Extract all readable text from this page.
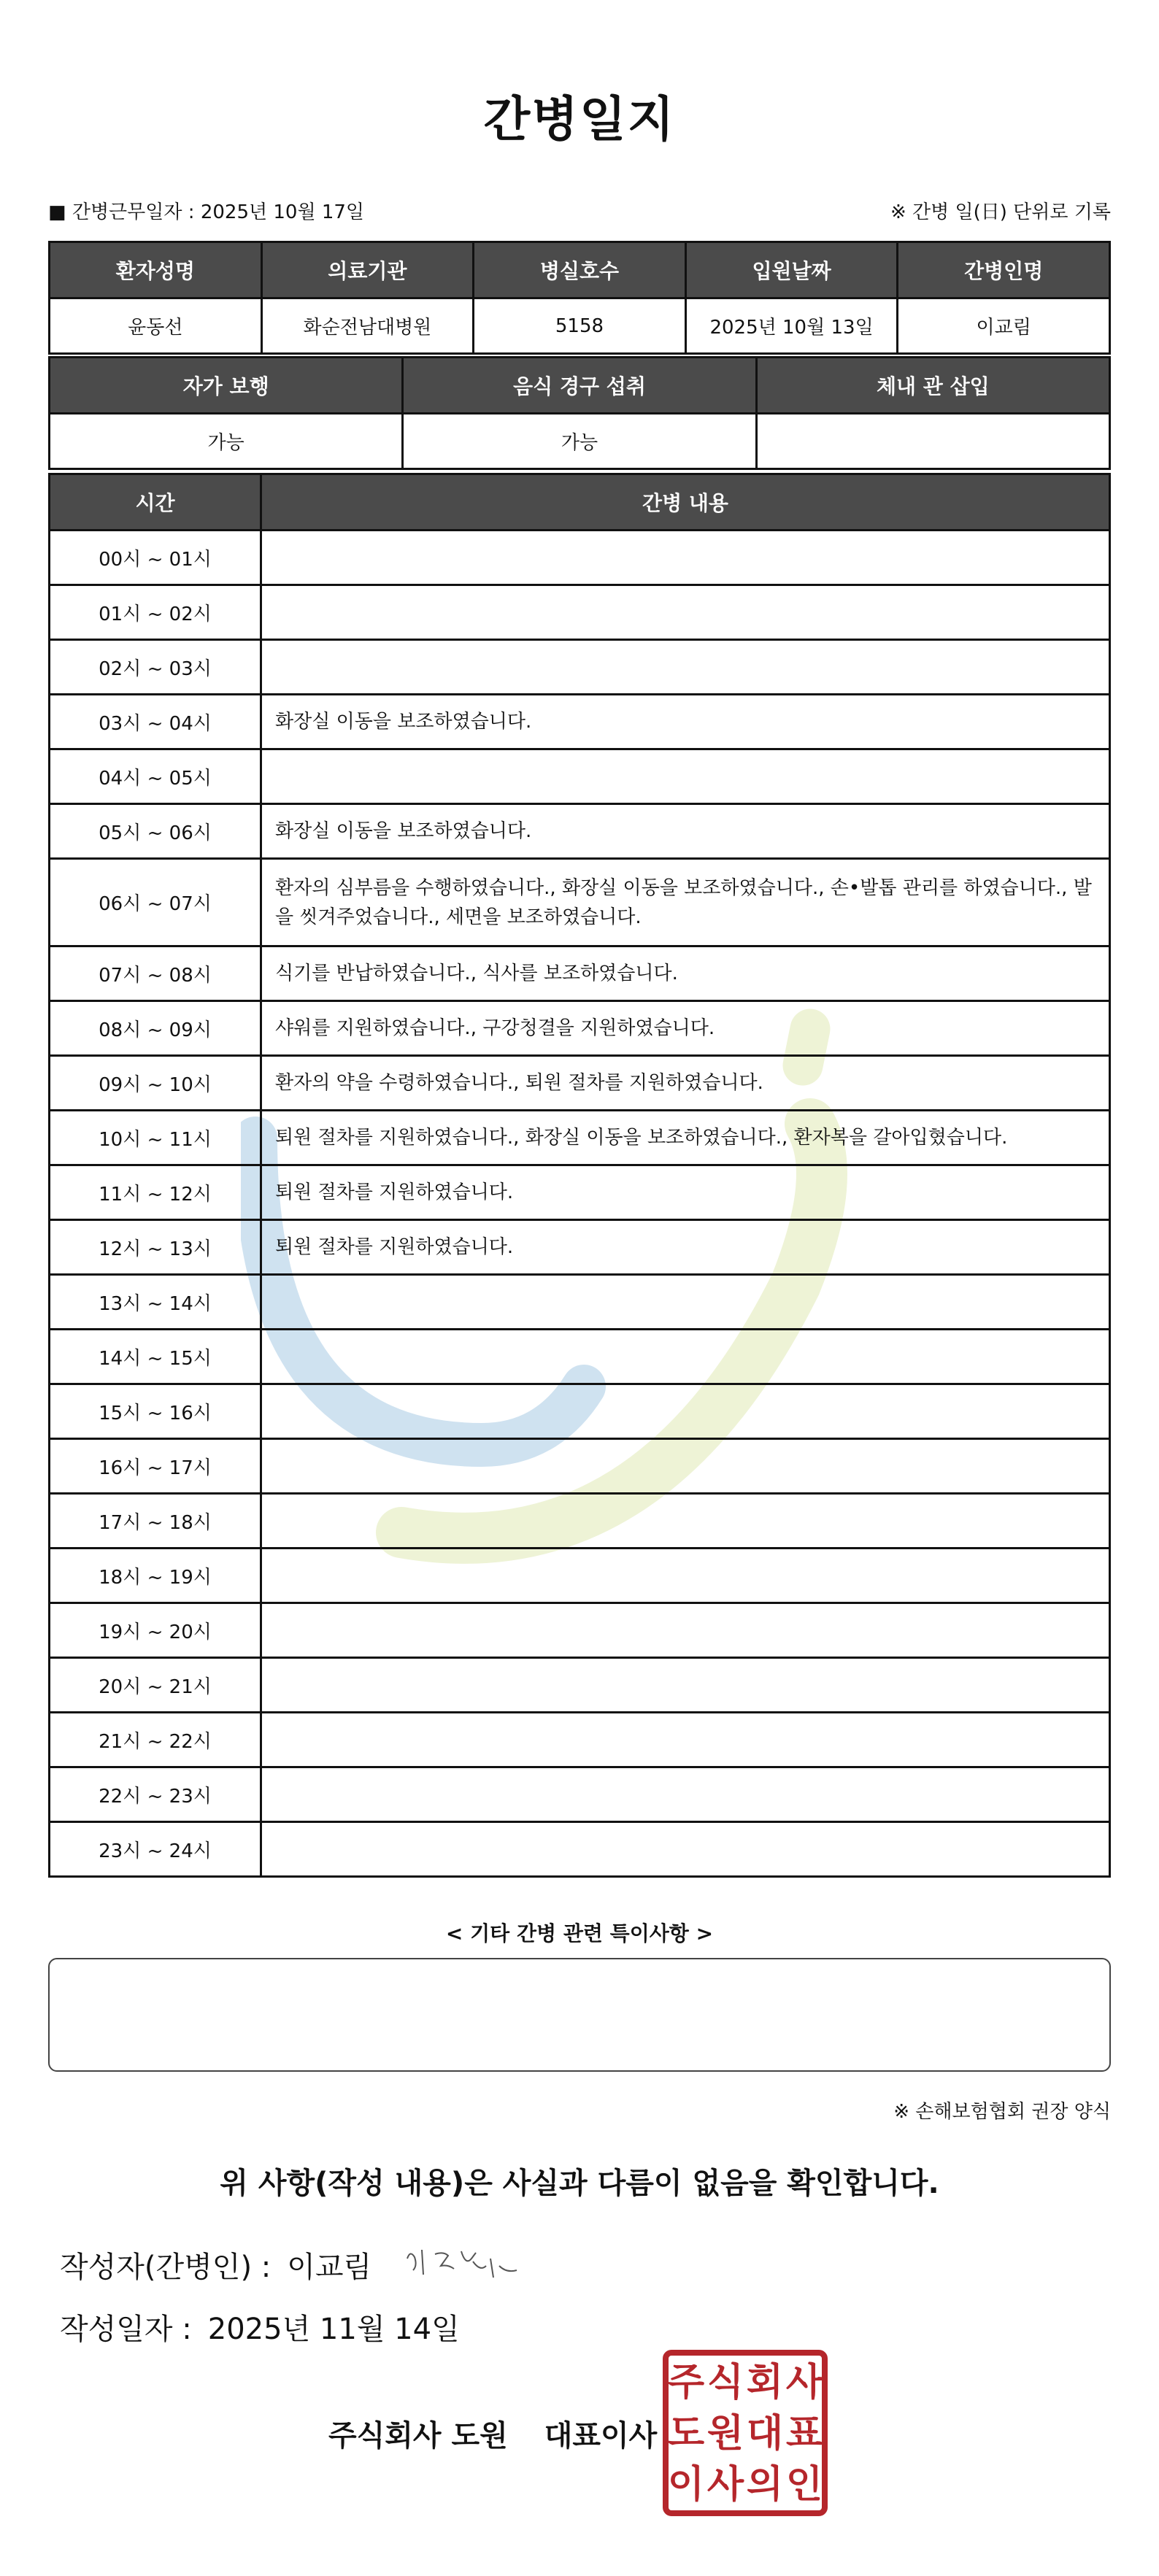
간병일지
■ 간병근무일자 : 2025년 10월 17일	※ 간병 일(日) 단위로 기록
환자성명	의료기관	병실호수	입원날짜	간병인명
윤동선	화순전남대병원	5158	2025년 10월 13일	이교림
자가 보행	음식 경구 섭취	체내 관 삽입
가능	가능	
시간	간병 내용
00시 ~ 01시	
01시 ~ 02시	
02시 ~ 03시	
03시 ~ 04시	화장실 이동을 보조하였습니다.
04시 ~ 05시	
05시 ~ 06시	화장실 이동을 보조하였습니다.
06시 ~ 07시	환자의 심부름을 수행하였습니다., 화장실 이동을 보조하였습니다., 손•발톱 관리를 하였습니다., 발을 씻겨주었습니다., 세면을 보조하였습니다.
07시 ~ 08시	식기를 반납하였습니다., 식사를 보조하였습니다.
08시 ~ 09시	샤워를 지원하였습니다., 구강청결을 지원하였습니다.
09시 ~ 10시	환자의 약을 수령하였습니다., 퇴원 절차를 지원하였습니다.
10시 ~ 11시	퇴원 절차를 지원하였습니다., 화장실 이동을 보조하였습니다., 환자복을 갈아입혔습니다.
11시 ~ 12시	퇴원 절차를 지원하였습니다.
12시 ~ 13시	퇴원 절차를 지원하였습니다.
13시 ~ 14시	
14시 ~ 15시	
15시 ~ 16시	
16시 ~ 17시	
17시 ~ 18시	
18시 ~ 19시	
19시 ~ 20시	
20시 ~ 21시	
21시 ~ 22시	
22시 ~ 23시	
23시 ~ 24시	
< 기타 간병 관련 특이사항 >
※ 손해보험협회 권장 양식
위 사항(작성 내용)은 사실과 다름이 없음을 확인합니다.
작성자(간병인) : 이교림
작성일자 : 2025년 11월 14일
주식회사 도원 대표이사
주 식 회 사
도 원 대 표
이 사 의 인
